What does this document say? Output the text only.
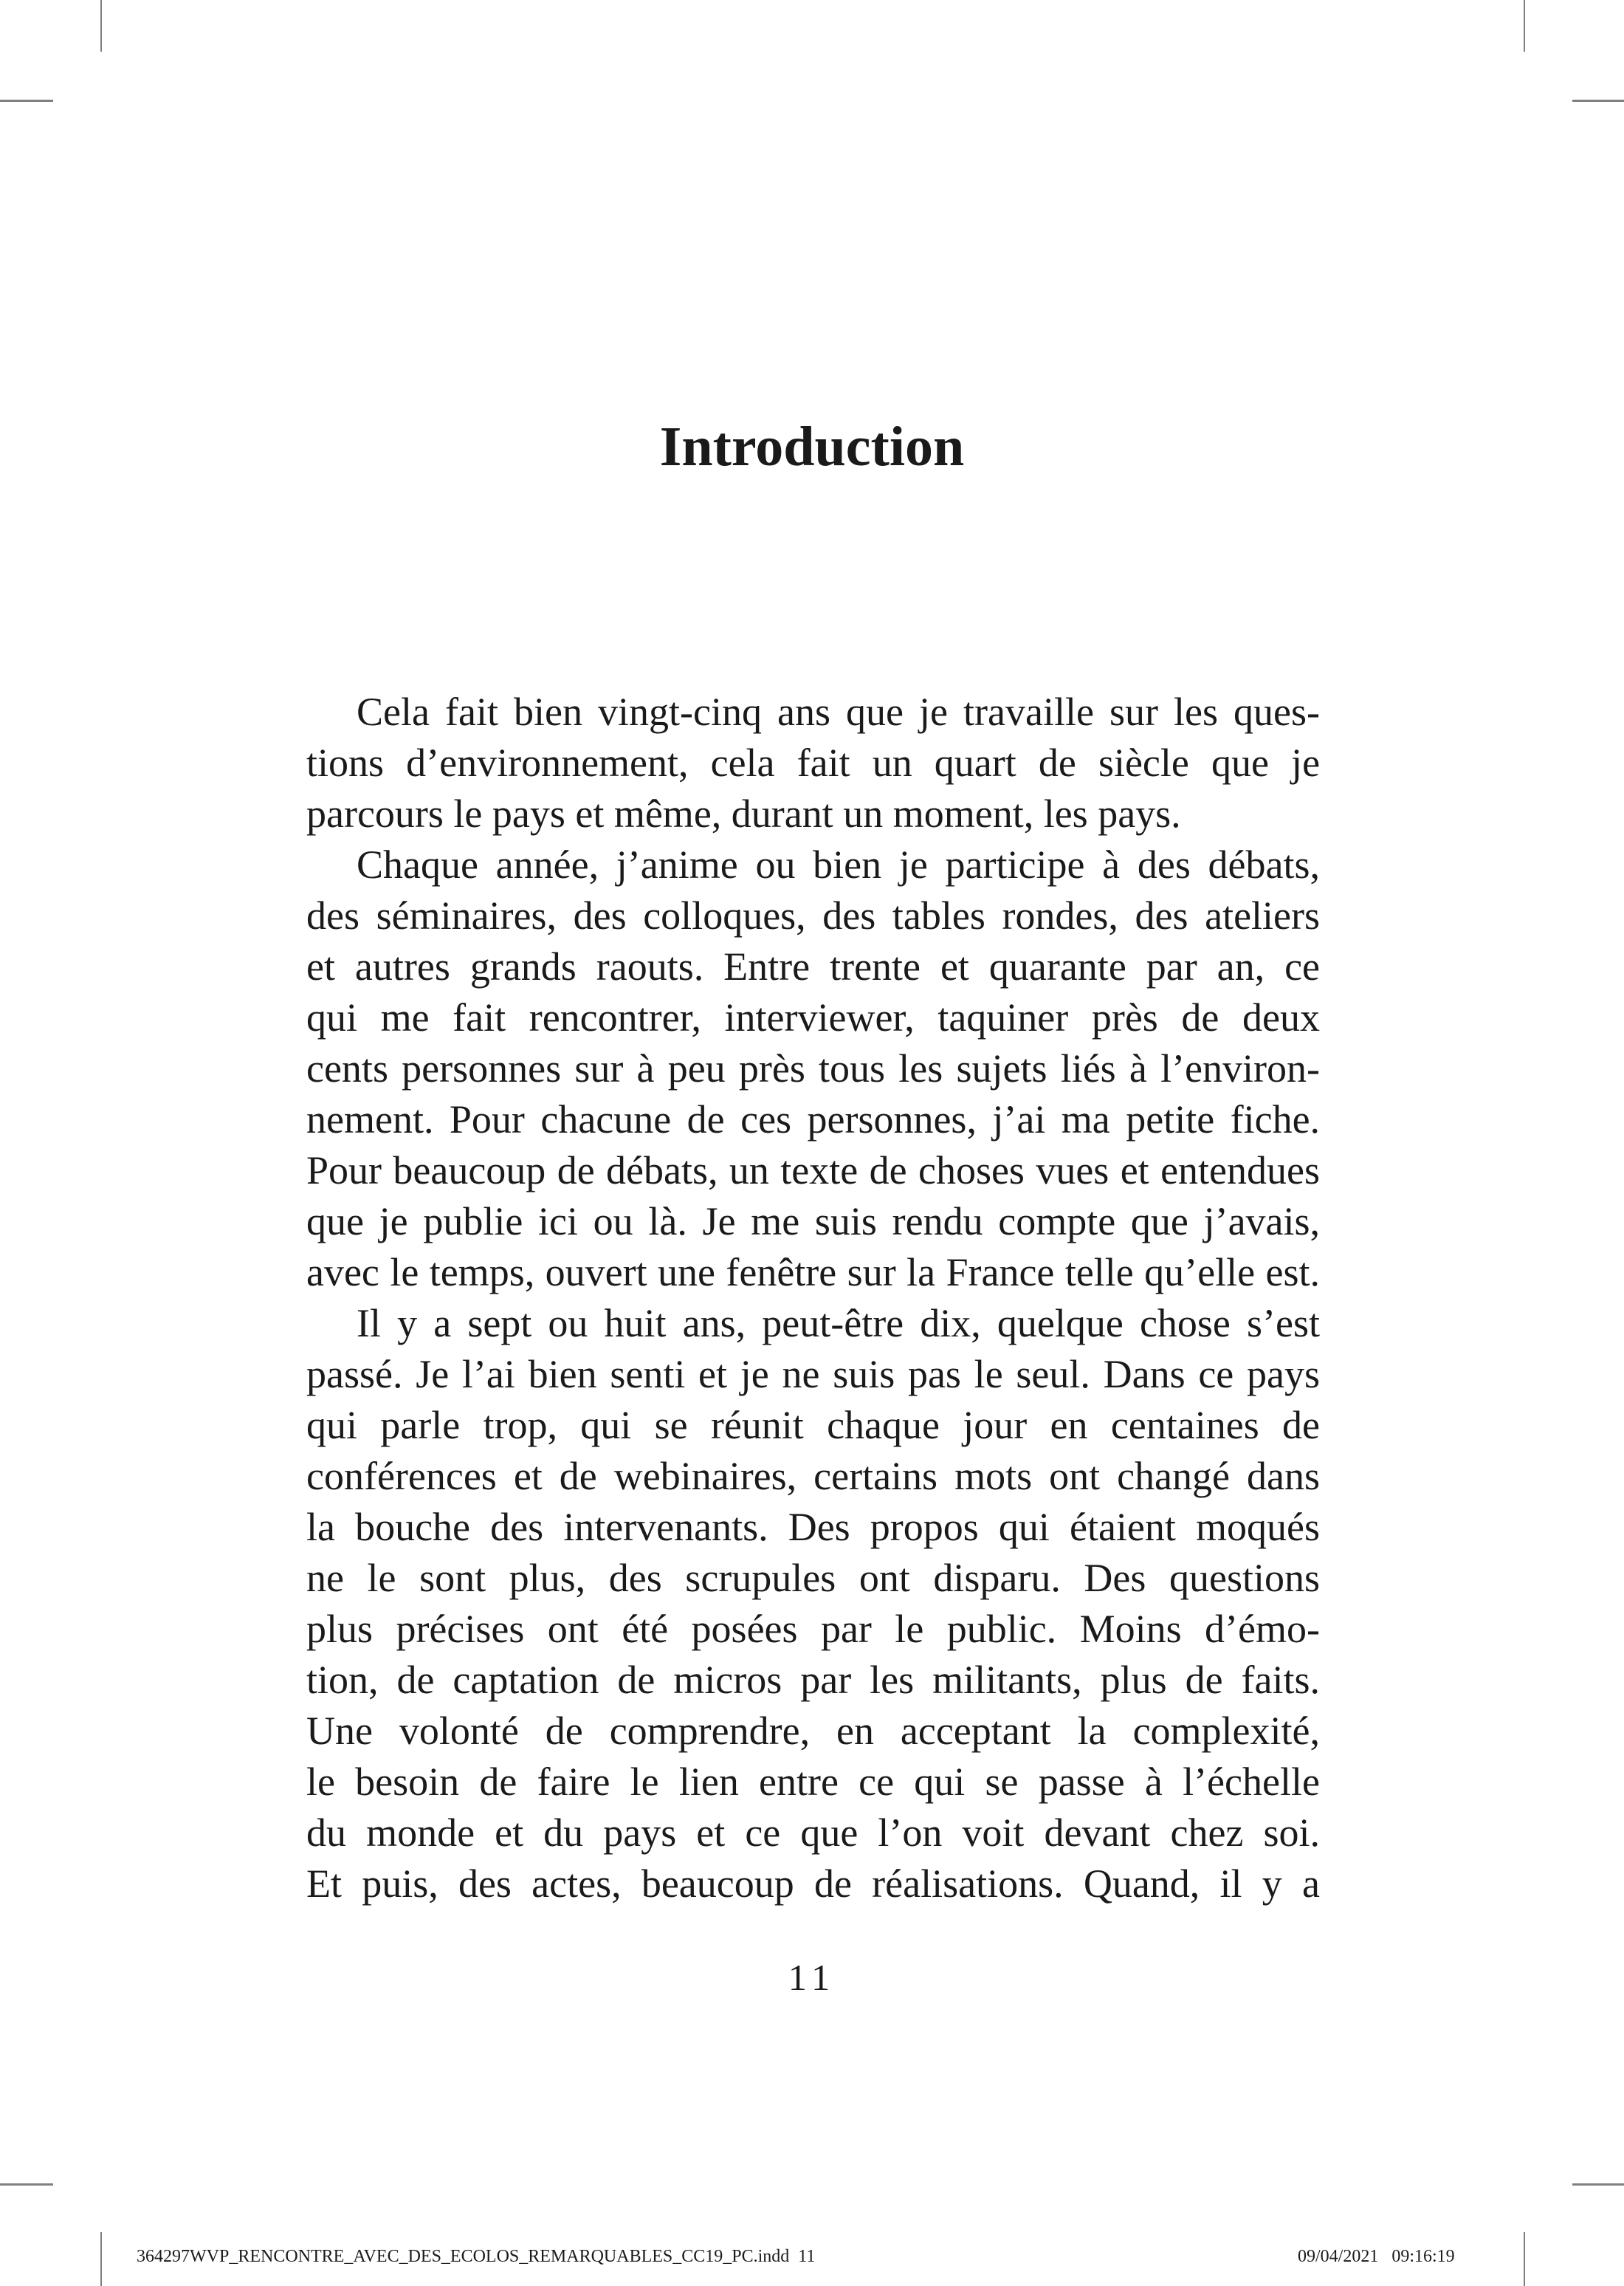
Introduction
Cela fait bien vingt-cinq ans que je travaille sur les ques-
tions d’environnement, cela fait un quart de siècle que je
parcours le pays et même, durant un moment, les pays.
Chaque année, j’anime ou bien je participe à des débats,
des séminaires, des colloques, des tables rondes, des ateliers
et autres grands raouts. Entre trente et quarante par an, ce
qui me fait rencontrer, interviewer, taquiner près de deux
cents personnes sur à peu près tous les sujets liés à l’environ-
nement. Pour chacune de ces personnes, j’ai ma petite fiche.
Pour beaucoup de débats, un texte de choses vues et entendues
que je publie ici ou là. Je me suis rendu compte que j’avais,
avec le temps, ouvert une fenêtre sur la France telle qu’elle est.
Il y a sept ou huit ans, peut-être dix, quelque chose s’est
passé. Je l’ai bien senti et je ne suis pas le seul. Dans ce pays
qui parle trop, qui se réunit chaque jour en centaines de
conférences et de webinaires, certains mots ont changé dans
la bouche des intervenants. Des propos qui étaient moqués
ne le sont plus, des scrupules ont disparu. Des questions
plus précises ont été posées par le public. Moins d’émo-
tion, de captation de micros par les militants, plus de faits.
Une volonté de comprendre, en acceptant la complexité,
le besoin de faire le lien entre ce qui se passe à l’échelle
du monde et du pays et ce que l’on voit devant chez soi.
Et puis, des actes, beaucoup de réalisations. Quand, il y a
11
364297WVP_RENCONTRE_AVEC_DES_ECOLOS_REMARQUABLES_CC19_PC.indd  11	09/04/2021 09:16:19
